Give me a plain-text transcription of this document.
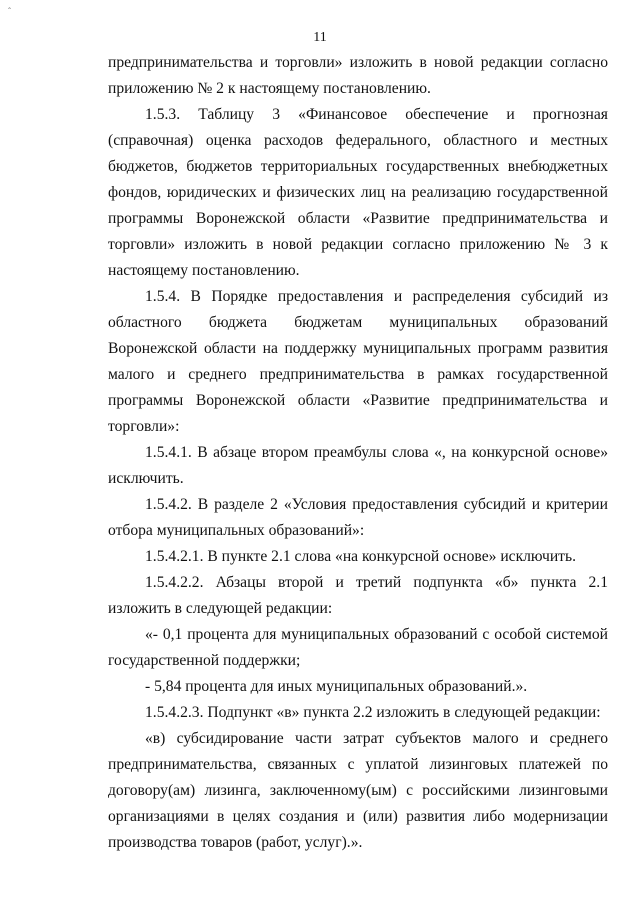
ˆ
11

предпринимательства и торговли» изложить в новой редакции согласно приложению № 2 к настоящему постановлению.

1.5.3. Таблицу 3 «Финансовое обеспечение и прогнозная (справочная) оценка расходов федерального, областного и местных бюджетов, бюджетов территориальных государственных внебюджетных фондов, юридических и физических лиц на реализацию государственной программы Воронежской области «Развитие предпринимательства и торговли» изложить в новой редакции согласно приложению № 3 к настоящему постановлению.

1.5.4. В Порядке предоставления и распределения субсидий из областного бюджета бюджетам муниципальных образований Воронежской области на поддержку муниципальных программ развития малого и среднего предпринимательства в рамках государственной программы Воронежской области «Развитие предпринимательства и торговли»:

1.5.4.1. В абзаце втором преамбулы слова «, на конкурсной основе» исключить.

1.5.4.2. В разделе 2 «Условия предоставления субсидий и критерии отбора муниципальных образований»:

1.5.4.2.1. В пункте 2.1 слова «на конкурсной основе» исключить.

1.5.4.2.2. Абзацы второй и третий подпункта «б» пункта 2.1 изложить в следующей редакции:

«- 0,1 процента для муниципальных образований с особой системой государственной поддержки;

- 5,84 процента для иных муниципальных образований.».

1.5.4.2.3. Подпункт «в» пункта 2.2 изложить в следующей редакции:

«в) субсидирование части затрат субъектов малого и среднего предпринимательства, связанных с уплатой лизинговых платежей по договору(ам) лизинга, заключенному(ым) с российскими лизинговыми организациями в целях создания и (или) развития либо модернизации производства товаров (работ, услуг).».
